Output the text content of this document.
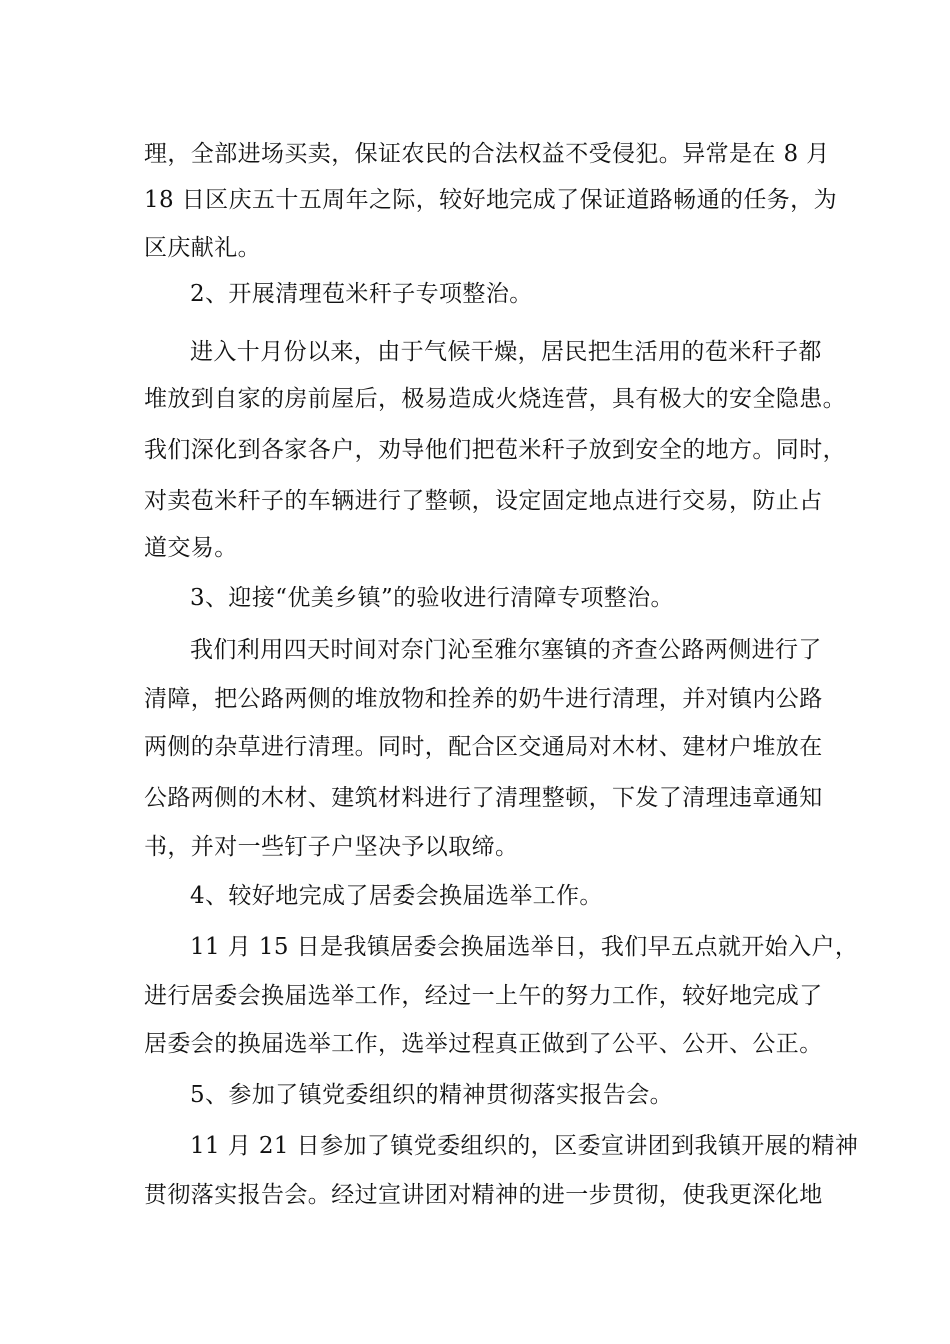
理，全部进场买卖，保证农民的合法权益不受侵犯。异常是在 8 月
18 日区庆五十五周年之际，较好地完成了保证道路畅通的任务，为
区庆献礼。
2、开展清理苞米秆子专项整治。
进入十月份以来，由于气候干燥，居民把生活用的苞米秆子都
堆放到自家的房前屋后，极易造成火烧连营，具有极大的安全隐患。
我们深化到各家各户，劝导他们把苞米秆子放到安全的地方。同时，
对卖苞米秆子的车辆进行了整顿，设定固定地点进行交易，防止占
道交易。
3、迎接“优美乡镇”的验收进行清障专项整治。
我们利用四天时间对奈门沁至雅尔塞镇的齐查公路两侧进行了
清障，把公路两侧的堆放物和拴养的奶牛进行清理，并对镇内公路
两侧的杂草进行清理。同时，配合区交通局对木材、建材户堆放在
公路两侧的木材、建筑材料进行了清理整顿，下发了清理违章通知
书，并对一些钉子户坚决予以取缔。
4、较好地完成了居委会换届选举工作。
11 月 15 日是我镇居委会换届选举日，我们早五点就开始入户，
进行居委会换届选举工作，经过一上午的努力工作，较好地完成了
居委会的换届选举工作，选举过程真正做到了公平、公开、公正。
5、参加了镇党委组织的精神贯彻落实报告会。
11 月 21 日参加了镇党委组织的，区委宣讲团到我镇开展的精神
贯彻落实报告会。经过宣讲团对精神的进一步贯彻，使我更深化地
